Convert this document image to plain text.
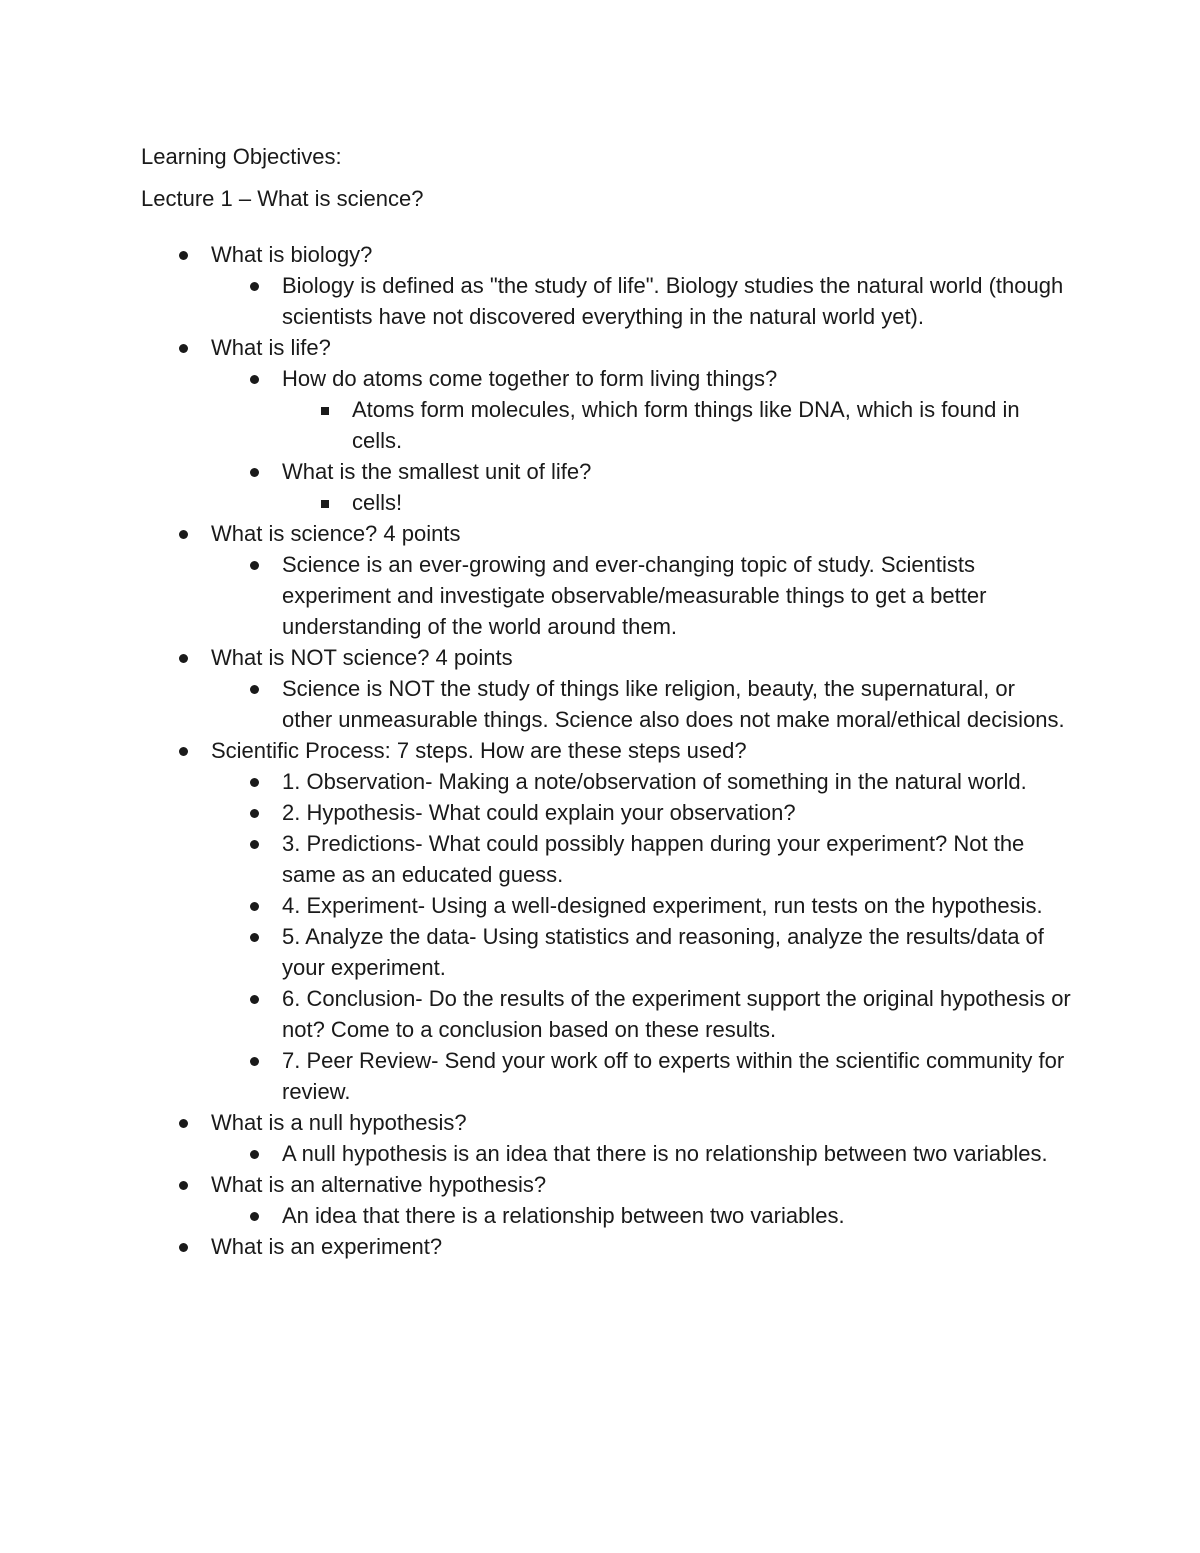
Learning Objectives:

Lecture 1 – What is science?

What is biology?
Biology is defined as "the study of life". Biology studies the natural world (though scientists have not discovered everything in the natural world yet).
What is life?
How do atoms come together to form living things?
Atoms form molecules, which form things like DNA, which is found in cells.
What is the smallest unit of life?
cells!
What is science? 4 points
Science is an ever-growing and ever-changing topic of study. Scientists experiment and investigate observable/measurable things to get a better understanding of the world around them.
What is NOT science? 4 points
Science is NOT the study of things like religion, beauty, the supernatural, or other unmeasurable things. Science also does not make moral/ethical decisions.
Scientific Process: 7 steps. How are these steps used?
1. Observation- Making a note/observation of something in the natural world.
2. Hypothesis- What could explain your observation?
3. Predictions- What could possibly happen during your experiment? Not the same as an educated guess.
4. Experiment- Using a well-designed experiment, run tests on the hypothesis.
5. Analyze the data- Using statistics and reasoning, analyze the results/data of your experiment.
6. Conclusion- Do the results of the experiment support the original hypothesis or not? Come to a conclusion based on these results.
7. Peer Review- Send your work off to experts within the scientific community for review.
What is a null hypothesis?
A null hypothesis is an idea that there is no relationship between two variables.
What is an alternative hypothesis?
An idea that there is a relationship between two variables.
What is an experiment?
